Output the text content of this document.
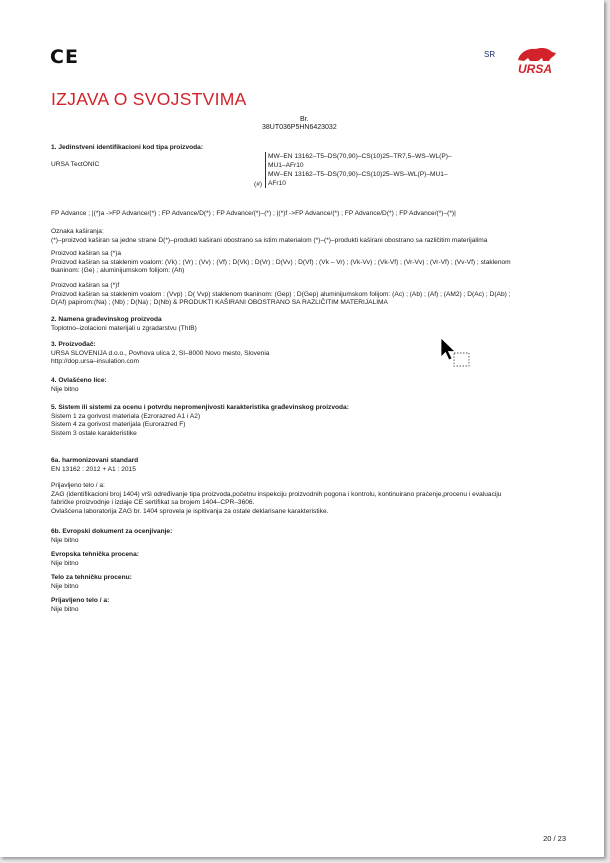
CE	SR
URSA
IZJAVA O SVOJSTVIMA
Br.
38UT036P5HN6423032
1. Jedinstveni identifikacioni kod tipa proizvoda:
URSA TectONIC
(#)
MW–EN 13162–T5–DS(70,90)–CS(10)25–TR7,5–WS–WL(P)–
MU1–AFr10
MW–EN 13162–T5–DS(70,90)–CS(10)25–WS–WL(P)–MU1–
AFr10
FP Advance ; |(*)a ->FP Advance/(*) ; FP Advance/D(*) ; FP Advance/(*)–(*) ; |(*)f ->FP Advance/(*) ; FP Advance/D(*) ; FP Advance/(*)–(*)|
Oznaka kaširanja:
(*)–proizvod kaširan sa jedne strane D(*)–produkti kaširani obostrano sa istim materialom (*)–(*)–produkti kaširani obostrano sa različitim materijalima
Proizvod kaširan sa (*)a
Proizvod kaširan sa staklenim voalom: (Vk) ; (Vr) ; (Vv) ; (Vf) ; D(Vk) ; D(Vr) ; D(Vv) ; D(Vf) ; (Vk – Vr) ; (Vk-Vv) ; (Vk-Vf) ; (Vr-Vv) ; (Vr-Vf) ; (Vv-Vf) ; staklenom
tkaninom: (Ge) ; aluminijumskom folijom: (Ah)
Proizvod kaširan sa (*)f
Proizvod kaširan sa staklenim voalom : (Vvp) ; D( Vvp) staklenom tkaninom: (Gep) ; D(Gep) aluminijumskom folijom: (Ac) ; (Ab) ; (Af) ; (AM2) ; D(Ac) ; D(Ab) ;
D(Af) papirom:(Na) ; (Nb) ; D(Na) ; D(Nb) & PRODUKTI KAŠIRANI OBOSTRANO SA RAZLIČITIM MATERIJALIMA
2. Namena građevinskog proizvoda
Toplotno–izolacioni materijali u zgradarstvu (ThIB)
3. Proizvođač:
URSA SLOVENIJA d.o.o., Povhova ulica 2, SI–8000 Novo mesto, Slovenia
http://dop.ursa–insulation.com
4. Ovlašćeno lice:
Nije bitno
5. Sistem ili sistemi za ocenu i potvrdu nepromenjivosti karakteristika građevinskog proizvoda:
Sistem 1 za gorivost materiala (Ezrorazred A1 i A2)
Sistem 4 za gorivost materijala (Eurorazred F)
Sistem 3 ostale karakteristike
6a. harmonizovani standard
EN 13162 : 2012 + A1 : 2015
Prijavljeno telo / a:
ZAG (identifikacioni broj 1404) vrši određivanje tipa proizvoda,početnu inspekciju proizvodnih pogona i kontrolu, kontinuirano praćenje,procenu i evaluaciju
fabričke proizvodnje i izdaje CE sertifikat sa brojem 1404–CPR–3606.
Ovlašćena laboratorija ZAG br. 1404 sprovela je ispitivanja za ostale deklarisane karakteristike.
6b. Evropski dokument za ocenjivanje:
Nije bitno
Evropska tehnička procena:
Nije bitno
Telo za tehničku procenu:
Nije bitno
Prijavljeno telo / a:
Nije bitno
20 / 23
